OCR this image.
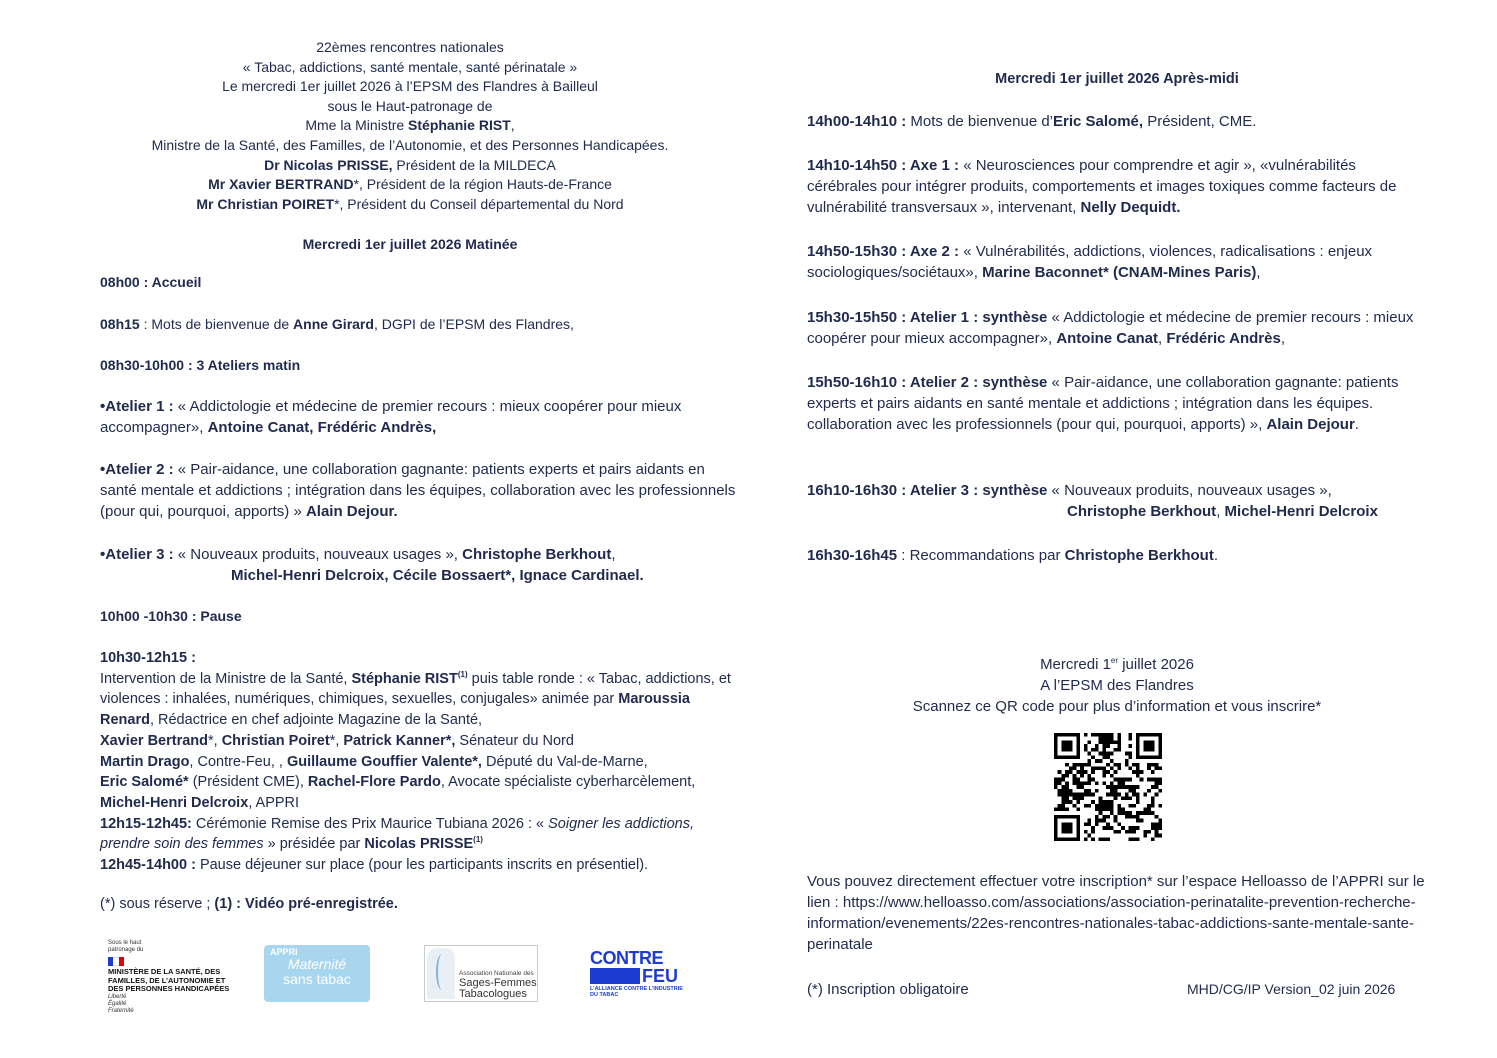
22èmes rencontres nationales
« Tabac, addictions, santé mentale, santé périnatale »
Le mercredi 1er juillet 2026 à l’EPSM des Flandres à Bailleul
sous le Haut-patronage de
Mme la Ministre Stéphanie RIST,
Ministre de la Santé, des Familles, de l’Autonomie, et des Personnes Handicapées.
Dr Nicolas PRISSE, Président de la MILDECA
Mr Xavier BERTRAND*, Président de la région Hauts-de-France
Mr Christian POIRET*, Président du Conseil départemental du Nord
Mercredi 1er juillet 2026 Matinée
08h00 : Accueil
08h15 : Mots de bienvenue de Anne Girard, DGPI de l’EPSM des Flandres,
08h30-10h00 : 3 Ateliers matin
•Atelier 1 : « Addictologie et médecine de premier recours : mieux coopérer pour mieux accompagner», Antoine Canat, Frédéric Andrès,
•Atelier 2 : « Pair-aidance, une collaboration gagnante: patients experts et pairs aidants en santé mentale et addictions ; intégration dans les équipes, collaboration avec les professionnels (pour qui, pourquoi, apports) » Alain Dejour.
•Atelier 3 : « Nouveaux produits, nouveaux usages », Christophe Berkhout,
Michel-Henri Delcroix, Cécile Bossaert*, Ignace Cardinael.
10h00 -10h30 : Pause
10h30-12h15 :
Intervention de la Ministre de la Santé, Stéphanie RIST$^{(1)}$ puis table ronde : « Tabac, addictions, et violences : inhalées, numériques, chimiques, sexuelles, conjugales» animée par Maroussia Renard, Rédactrice en chef adjointe Magazine de la Santé,
Xavier Bertrand*, Christian Poiret*, Patrick Kanner*, Sénateur du Nord
Martin Drago, Contre-Feu, , Guillaume Gouffier Valente*, Député du Val-de-Marne,
Eric Salomé* (Président CME), Rachel-Flore Pardo, Avocate spécialiste cyberharcèlement, Michel-Henri Delcroix, APPRI
12h15-12h45: Cérémonie Remise des Prix Maurice Tubiana 2026 : « Soigner les addictions, prendre soin des femmes » présidée par Nicolas PRISSE$^{(1)}$
12h45-14h00 : Pause déjeuner sur place (pour les participants inscrits en présentiel).
(*) sous réserve ; (1) : Vidéo pré-enregistrée.
Sous le haut patronage du
MINISTÈRE DE LA SANTÉ, DES FAMILLES, DE L’AUTONOMIE ET DES PERSONNES HANDICAPÉES
Liberté Égalité Fraternité
APPRI
Maternité
sans tabac	Association Nationale des
Sages-Femmes Tabacologues
CONTRE
FEU
L’ALLIANCE CONTRE L’INDUSTRIE DU TABAC
Mercredi 1er juillet 2026 Après-midi
14h00-14h10 : Mots de bienvenue d’Eric Salomé, Président, CME.
14h10-14h50 : Axe 1 : « Neurosciences pour comprendre et agir », «vulnérabilités cérébrales pour intégrer produits, comportements et images toxiques comme facteurs de vulnérabilité transversaux », intervenant, Nelly Dequidt.
14h50-15h30 : Axe 2 : « Vulnérabilités, addictions, violences, radicalisations : enjeux sociologiques/sociétaux», Marine Baconnet* (CNAM-Mines Paris),
15h30-15h50 : Atelier 1 : synthèse « Addictologie et médecine de premier recours : mieux coopérer pour mieux accompagner», Antoine Canat, Frédéric Andrès,
15h50-16h10 : Atelier 2 : synthèse « Pair-aidance, une collaboration gagnante: patients experts et pairs aidants en santé mentale et addictions ; intégration dans les équipes. collaboration avec les professionnels (pour qui, pourquoi, apports) », Alain Dejour.
16h10-16h30 : Atelier 3 : synthèse « Nouveaux produits, nouveaux usages »,
Christophe Berkhout, Michel-Henri Delcroix
16h30-16h45 : Recommandations par Christophe Berkhout.
Mercredi 1er juillet 2026
A l’EPSM des Flandres
Scannez ce QR code pour plus d’information et vous inscrire*
Vous pouvez directement effectuer votre inscription* sur l’espace Helloasso de l’APPRI sur le lien : https://www.helloasso.com/associations/association-perinatalite-prevention-recherche-information/evenements/22es-rencontres-nationales-tabac-addictions-sante-mentale-sante-perinatale
(*) Inscription obligatoire	MHD/CG/IP Version_02 juin 2026
